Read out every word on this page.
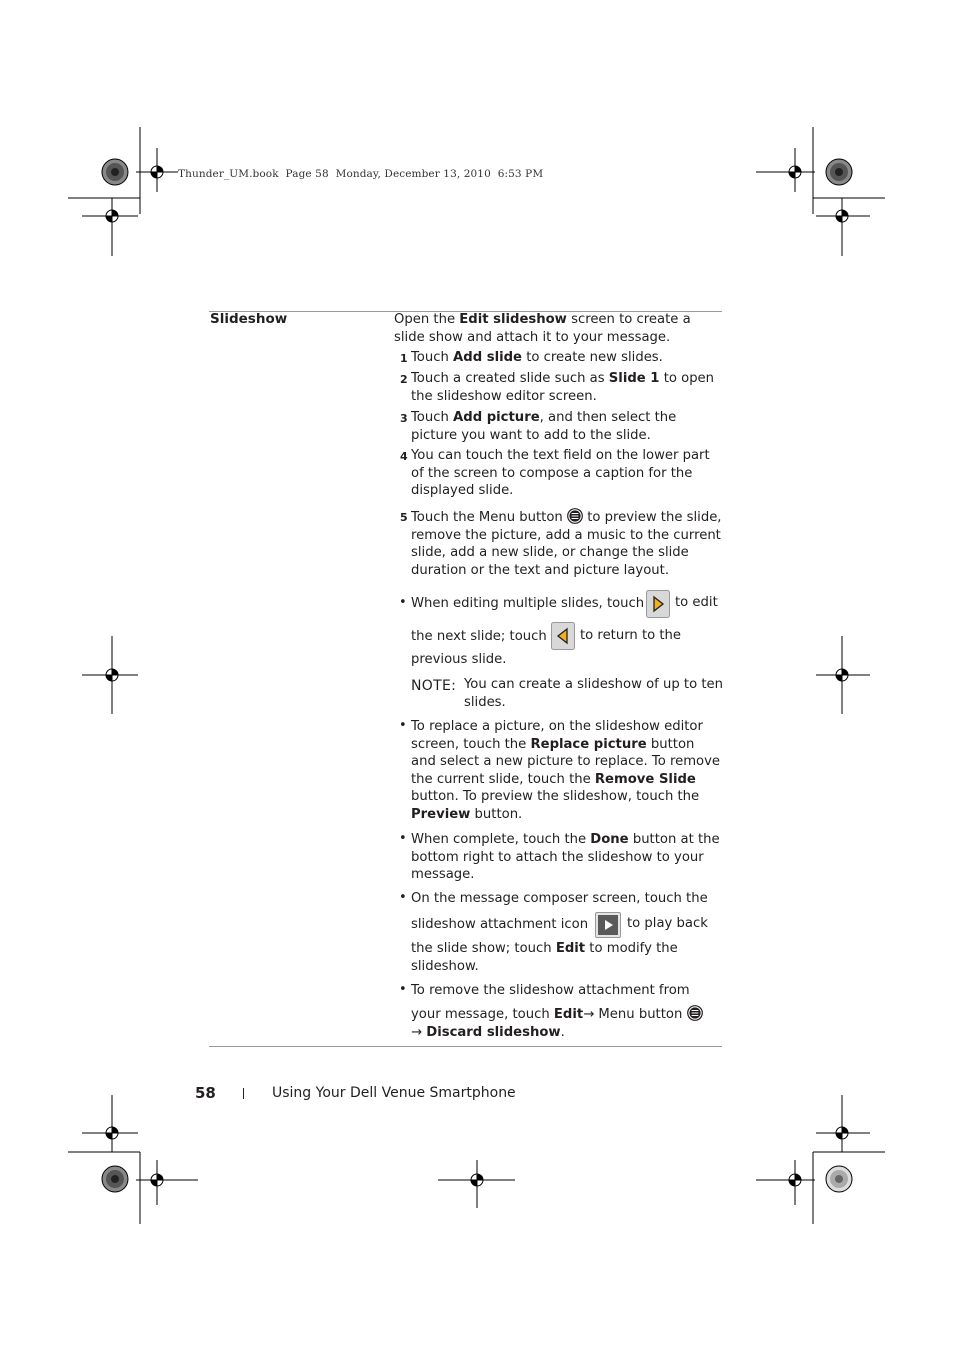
Thunder_UM.book  Page 58  Monday, December 13, 2010  6:53 PM
Slideshow	Open the Edit slideshow screen to create a slide show and attach it to your message.
1 Touch Add slide to create new slides.
2 Touch a created slide such as Slide 1 to open the slideshow editor screen.
3 Touch Add picture, and then select the picture you want to add to the slide.
4 You can touch the text field on the lower part of the screen to compose a caption for the displayed slide.
5 Touch the Menu button to preview the slide, remove the picture, add a music to the current slide, add a new slide, or change the slide duration or the text and picture layout.
• When editing multiple slides, touch	to edit
the next slide; touch	to return to the
previous slide.
NOTE: You can create a slideshow of up to ten slides.
• To replace a picture, on the slideshow editor screen, touch the Replace picture button and select a new picture to replace. To remove the current slide, touch the Remove Slide button. To preview the slideshow, touch the Preview button.
• When complete, touch the Done button at the bottom right to attach the slideshow to your message.
• On the message composer screen, touch the
slideshow attachment icon	to play back
the slide show; touch Edit to modify the
slideshow.
• To remove the slideshow attachment from
your message, touch Edit→ Menu button
→ Discard slideshow.
58	Using Your Dell Venue Smartphone
